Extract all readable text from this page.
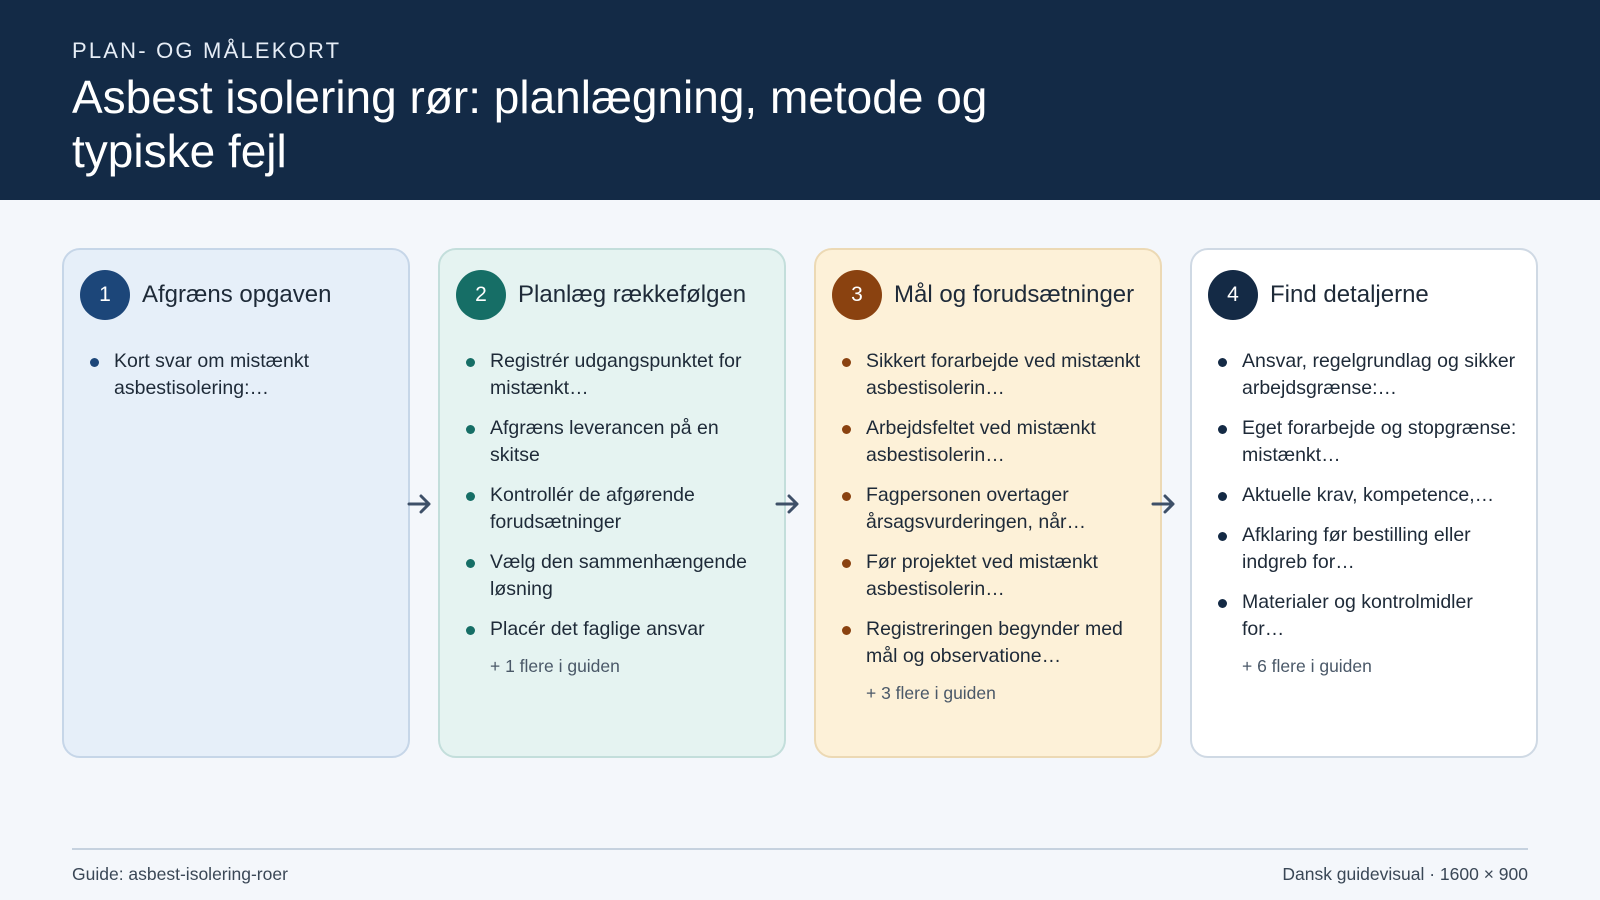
PLAN- OG MÅLEKORT
Asbest isolering rør: planlægning, metode og typiske fejl
1	Afgræns opgaven
Kort svar om mistænkt asbestisolering:…
2	Planlæg rækkefølgen
Registrér udgangspunktet for mistænkt…
Afgræns leverancen på en skitse
Kontrollér de afgørende forudsætninger
Vælg den sammenhængende løsning
Placér det faglige ansvar
+ 1 flere i guiden
3	Mål og forudsætninger
Sikkert forarbejde ved mistænkt asbestisolerin…
Arbejdsfeltet ved mistænkt asbestisolerin…
Fagpersonen overtager årsagsvurderingen, når…
Før projektet ved mistænkt asbestisolerin…
Registreringen begynder med mål og observatione…
+ 3 flere i guiden
4	Find detaljerne
Ansvar, regelgrundlag og sikker arbejdsgrænse:…
Eget forarbejde og stopgrænse: mistænkt…
Aktuelle krav, kompetence,…
Afklaring før bestilling eller indgreb for…
Materialer og kontrolmidler for…
+ 6 flere i guiden
Guide: asbest-isolering-roer	Dansk guidevisual · 1600 × 900
